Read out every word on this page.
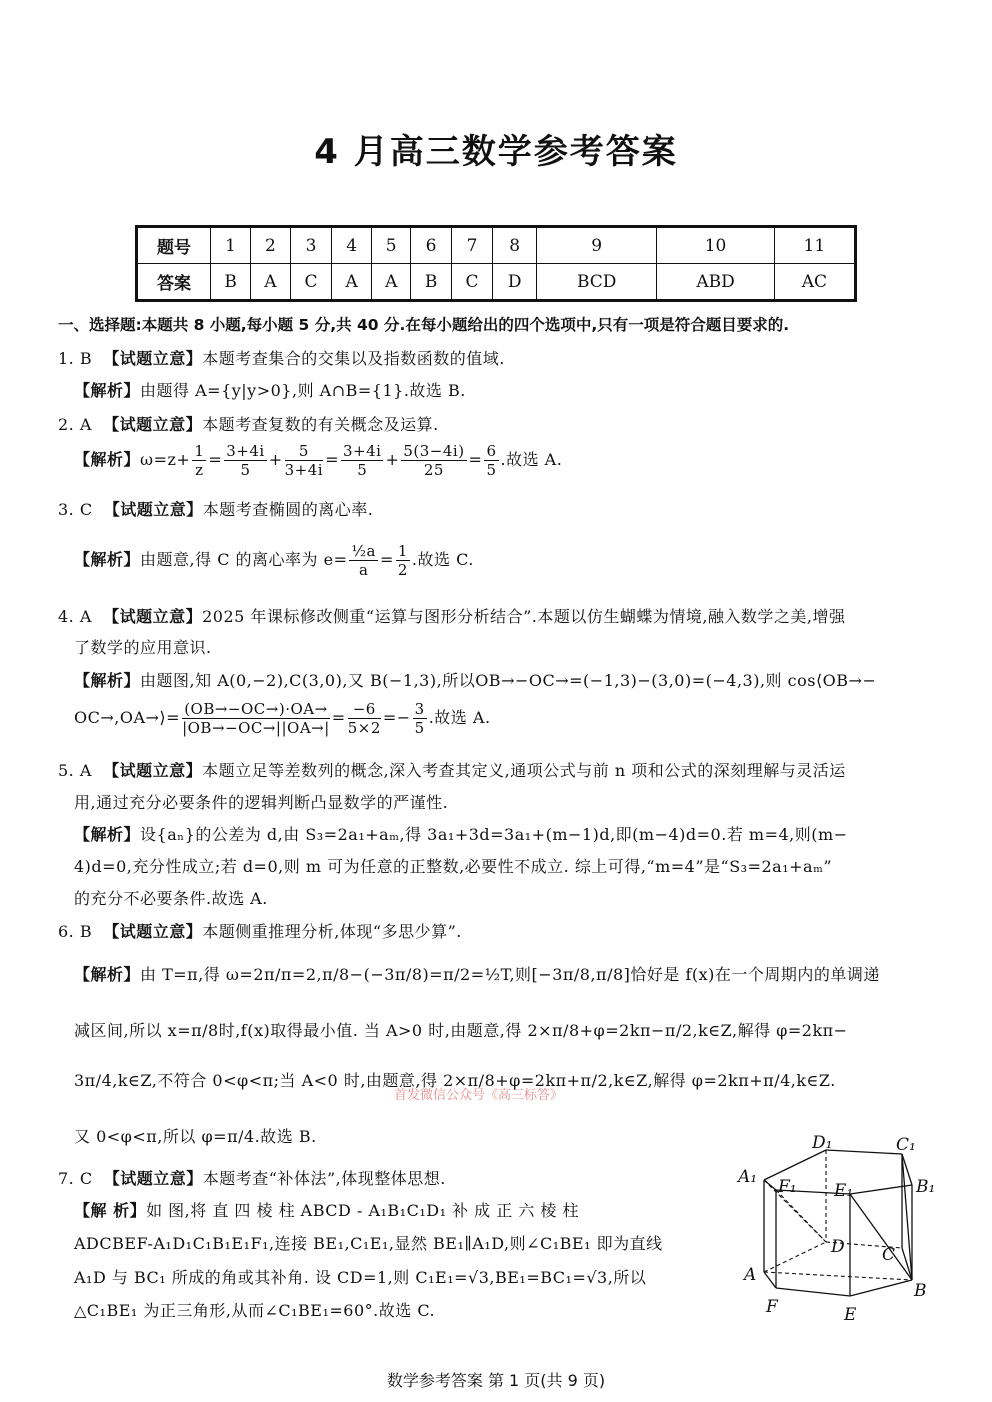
4 月高三数学参考答案
题号	1	2	3	4	5	6	7	8	9	10	11
答案	B	A	C	A	A	B	C	D	BCD	ABD	AC
一、选择题:本题共 8 小题,每小题 5 分,共 40 分.在每小题给出的四个选项中,只有一项是符合题目要求的.
1. B 【试题立意】本题考查集合的交集以及指数函数的值域.
【解析】由题得 A={y|y>0},则 A∩B={1}.故选 B.
2. A 【试题立意】本题考查复数的有关概念及运算.
【解析】$\omega=z+ \frac{1}{z} = \frac{3+4i}{5} + \frac{5}{3+4i} = \frac{3+4i}{5} + \frac{5(3-4i)}{25} = \frac{6}{5}$ .故选 A.
3. C 【试题立意】本题考查椭圆的离心率.
【解析】由题意,得 C 的离心率为 $e= \frac{\text{½a}}{a} = \frac{1}{2}$ .故选 C.
4. A 【试题立意】2025 年课标修改侧重“运算与图形分析结合”.本题以仿生蝴蝶为情境,融入数学之美,增强
了数学的应用意识.
【解析】由题图,知 A(0,−2),C(3,0),又 B(−1,3),所以OB→−OC→=(−1,3)−(3,0)=(−4,3),则 cos⟨OB→−
OC→,OA→⟩= $\frac{(OB\to-OC\to)\cdot OA\to}{|OB\to-OC\to||OA\to|} = \frac{-6}{5\times 2} =- \frac{3}{5}$ .故选 A.
5. A 【试题立意】本题立足等差数列的概念,深入考查其定义,通项公式与前 n 项和公式的深刻理解与灵活运
用,通过充分必要条件的逻辑判断凸显数学的严谨性.
【解析】设{aₙ}的公差为 d,由 S₃=2a₁+aₘ,得 3a₁+3d=3a₁+(m−1)d,即(m−4)d=0.若 m=4,则(m−
4)d=0,充分性成立;若 d=0,则 m 可为任意的正整数,必要性不成立. 综上可得,“m=4”是“S₃=2a₁+aₘ”
的充分不必要条件.故选 A.
6. B 【试题立意】本题侧重推理分析,体现“多思少算”.
【解析】由 T=π,得 ω=2π/π=2,π/8−(−3π/8)=π/2=½T,则[−3π/8,π/8]恰好是 f(x)在一个周期内的单调递
减区间,所以 x=π/8时,f(x)取得最小值. 当 A>0 时,由题意,得 2×π/8+φ=2kπ−π/2,k∈Z,解得 φ=2kπ−
3π/4,k∈Z,不符合 0<φ<π;当 A<0 时,由题意,得 2×π/8+φ=2kπ+π/2,k∈Z,解得 φ=2kπ+π/4,k∈Z.
首发微信公众号《高三标答》
又 0<φ<π,所以 φ=π/4.故选 B.
7. C 【试题立意】本题考查“补体法”,体现整体思想.
【解 析】如 图,将 直 四 棱 柱 ABCD - A₁B₁C₁D₁ 补 成 正 六 棱 柱
ADCBEF-A₁D₁C₁B₁E₁F₁,连接 BE₁,C₁E₁,显然 BE₁∥A₁D,则∠C₁BE₁ 即为直线
A₁D 与 BC₁ 所成的角或其补角. 设 CD=1,则 C₁E₁=√3,BE₁=BC₁=√3,所以
△C₁BE₁ 为正三角形,从而∠C₁BE₁=60°.故选 C.
D₁	C₁
A₁ F₁ E₁	B₁
D
A
C
B
F	E
数学参考答案 第 1 页(共 9 页)
